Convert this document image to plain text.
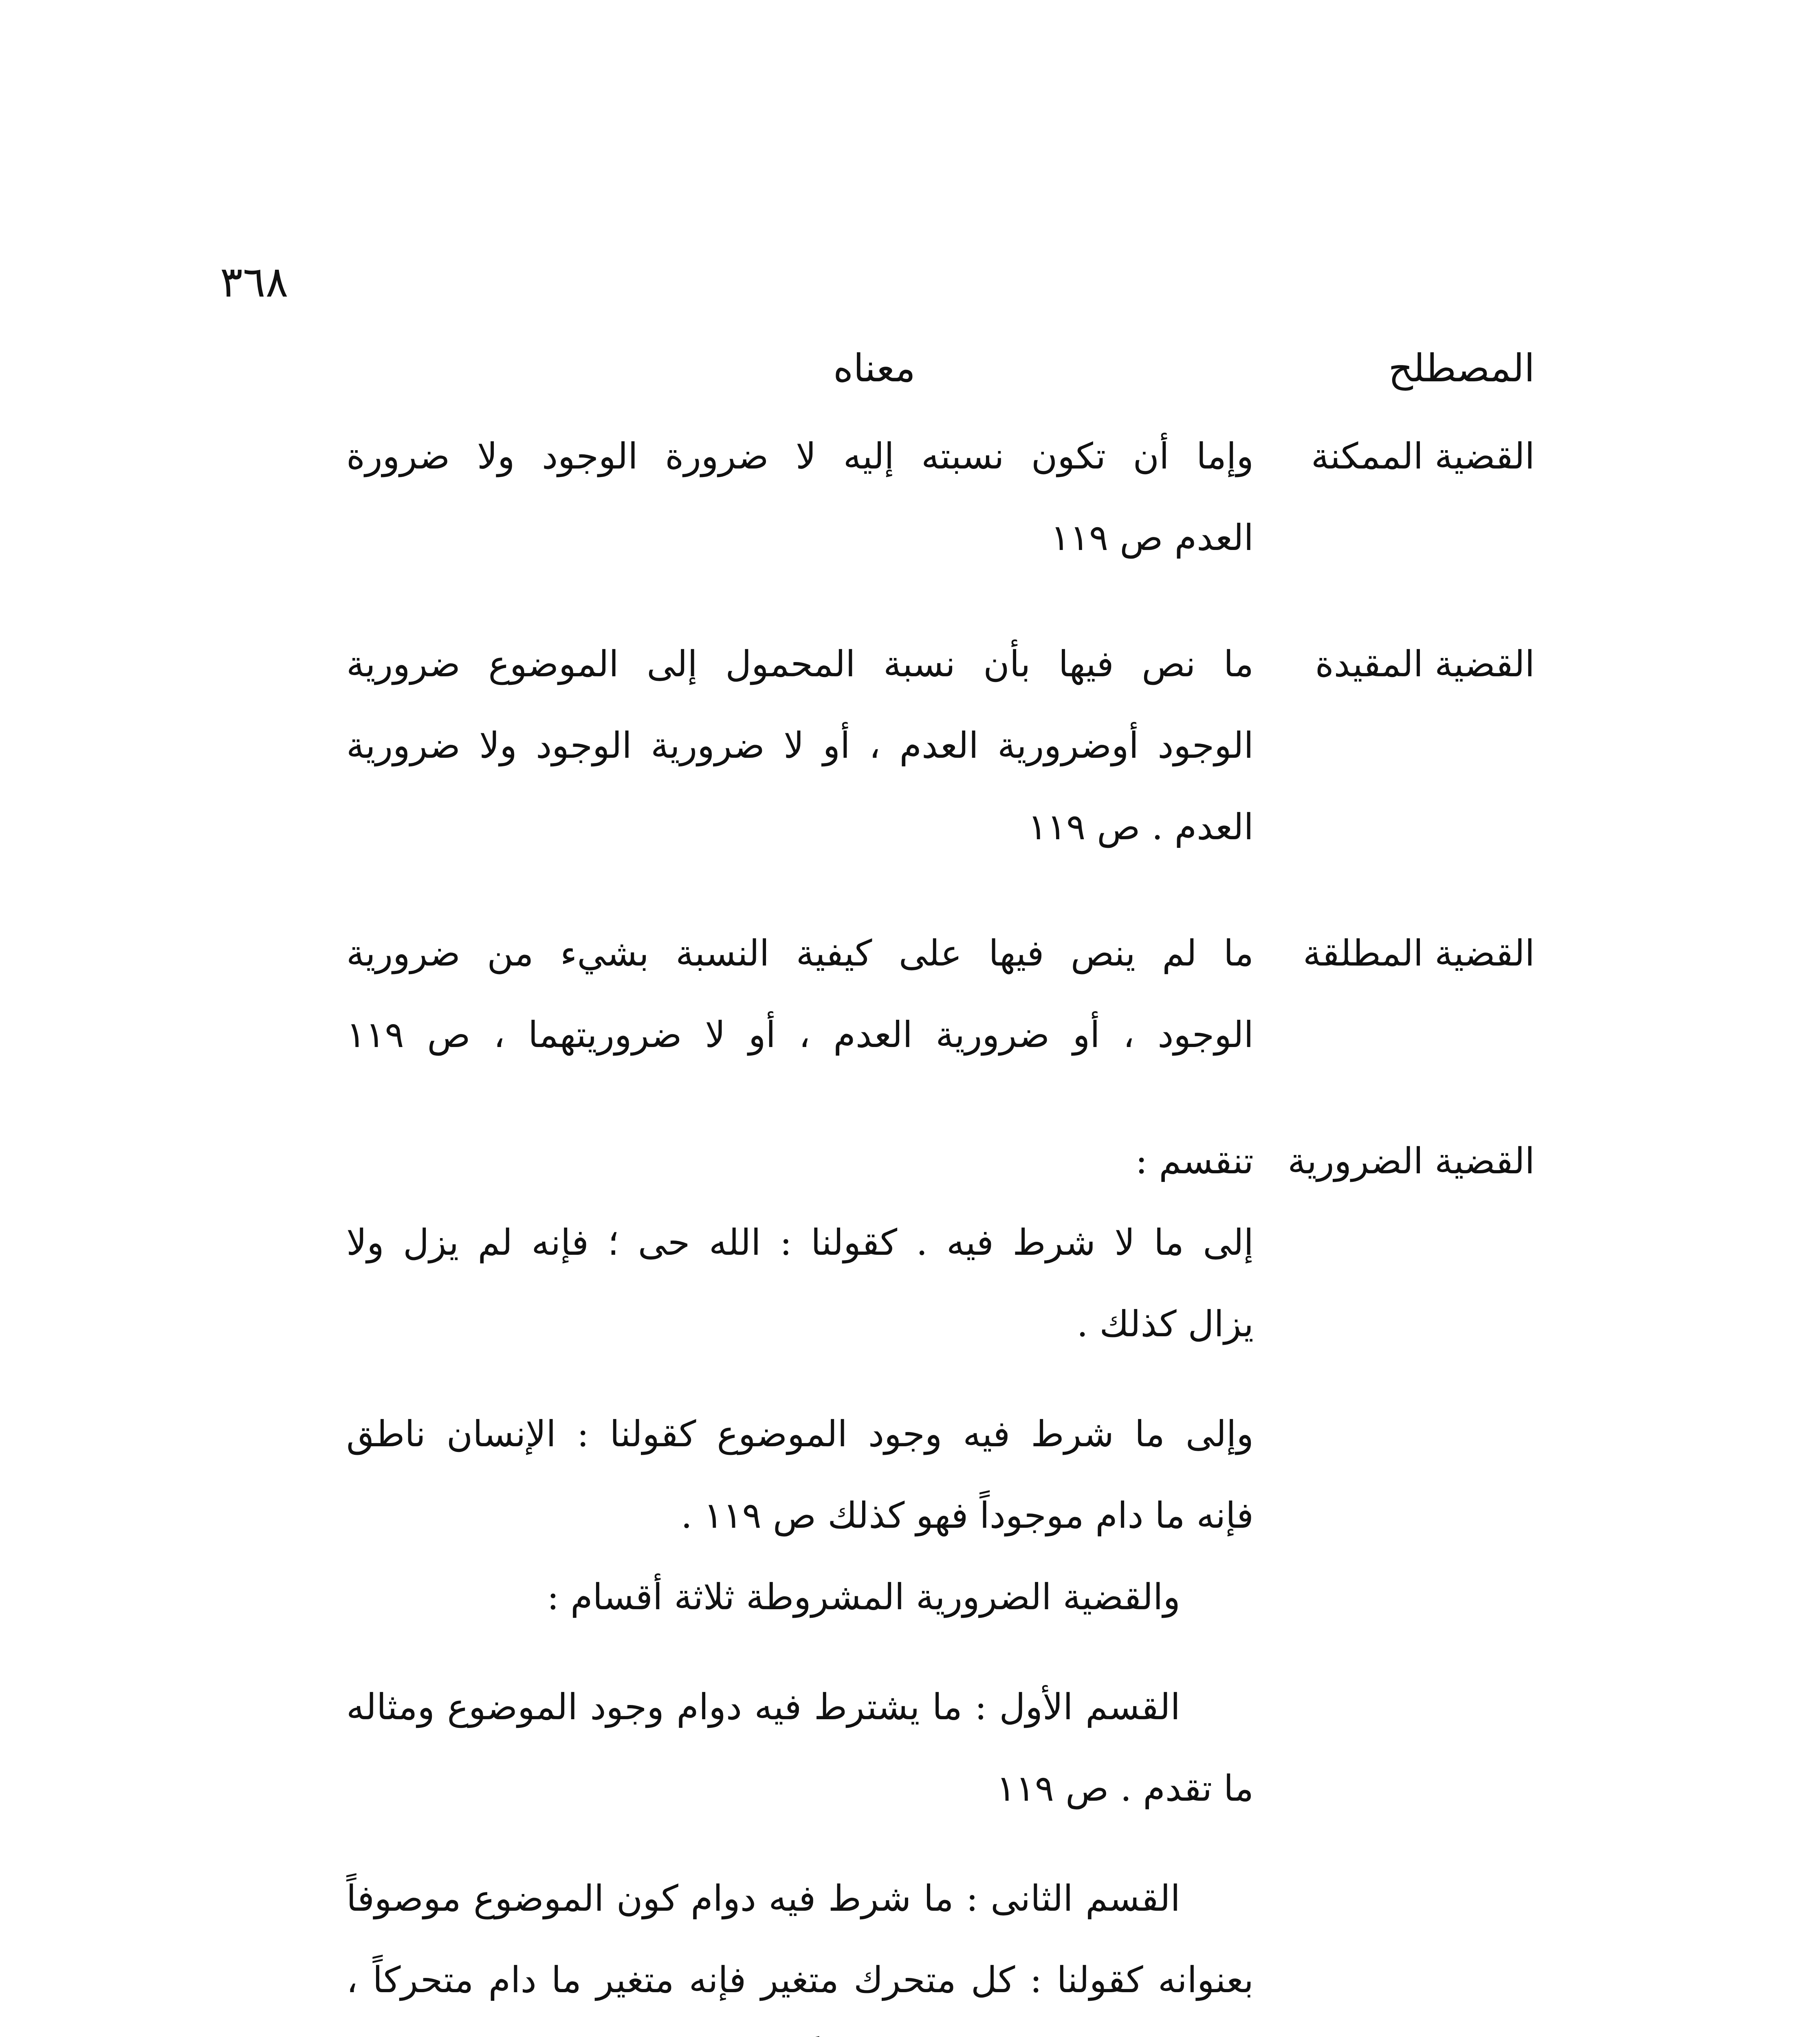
٣٦٨
المصطلح
معناه
القضية الممكنة
وإما أن تكون نسبته إليه لا ضرورة الوجود ولا ضرورة
العدم ص ١١٩
القضية المقيدة
ما نص فيها بأن نسبة المحمول إلى الموضوع ضرورية
الوجود أوضرورية العدم ، أو لا ضرورية الوجود ولا ضرورية
العدم . ص ١١٩
القضية المطلقة
ما لم ينص فيها على كيفية النسبة بشيء من ضرورية
الوجود ، أو ضرورية العدم ، أو لا ضروريتهما ، ص ١١٩
القضية الضرورية
تنقسم :
إلى ما لا شرط فيه . كقولنا : الله حى ؛ فإنه لم يزل ولا
يزال كذلك .
وإلى ما شرط فيه وجود الموضوع كقولنا : الإنسان ناطق
فإنه ما دام موجوداً فهو كذلك ص ١١٩ .
والقضية الضرورية المشروطة ثلاثة أقسام :
القسم الأول : ما يشترط فيه دوام وجود الموضوع ومثاله
ما تقدم . ص ١١٩
القسم الثانى : ما شرط فيه دوام كون الموضوع موصوفاً
بعنوانه كقولنا : كل متحرك متغير فإنه متغير ما دام متحركاً ،
